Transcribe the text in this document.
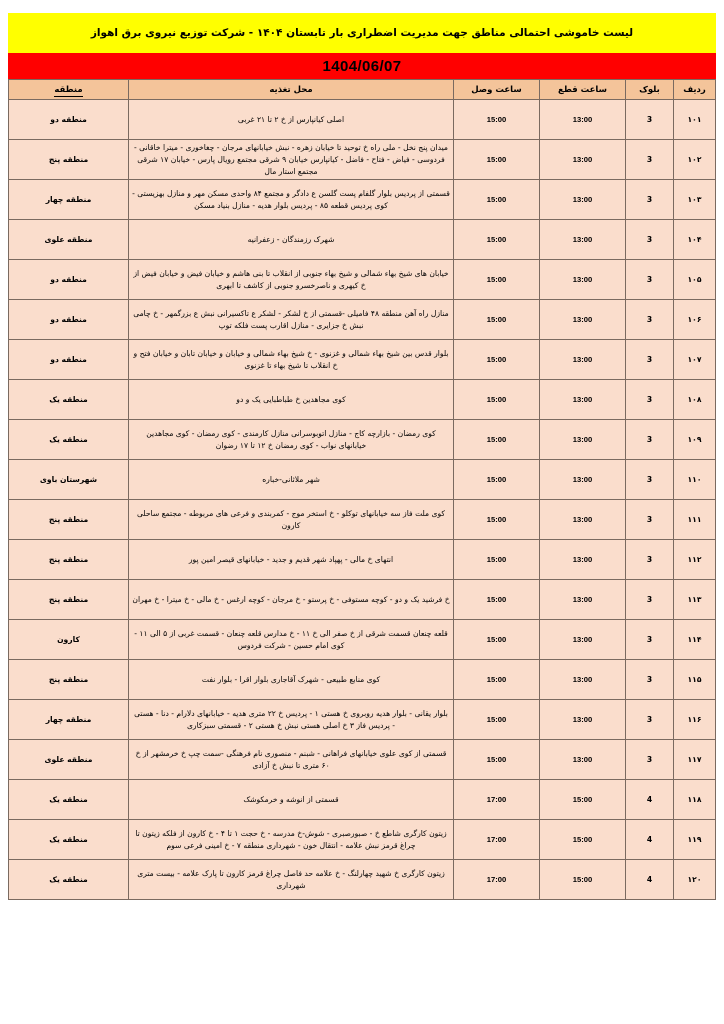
لیست خاموشی احتمالی مناطق جهت مدیریت اضطراری بار تابستان ۱۴۰۴ - شرکت توزیع نیروی برق اهواز
1404/06/07
ردیف	بلوک	ساعت قطع	ساعت وصل	محل تغذیه	منطقه
۱۰۱	3	13:00	15:00	اصلی کیانپارس از خ ۲ تا ۲۱ غربی	منطقه دو
۱۰۲	3	13:00	15:00	میدان پنج نخل - ملی راه خ توحید تا خیابان زهره - نبش خیابانهای مرجان - چغاخوری - میترا خاقانی - فردوسی - فیاض - فتاح - فاضل - کیانپارس خیابان ۹ شرقی مجتمع رویال پارس - خیابان ۱۷ شرقی مجتمع استار مال	منطقه پنج
۱۰۳	3	13:00	15:00	قسمتی از پردیس بلوار گلفام پست گلسن ع دادگر و مجتمع ۸۴ واحدی مسکن مهر و منازل بهزیستی - کوی پردیس قطعه ۸۵ - پردیس بلوار هدیه - منازل بنیاد مسکن	منطقه چهار
۱۰۴	3	13:00	15:00	شهرک رزمندگان - زعفرانیه	منطقه علوی
۱۰۵	3	13:00	15:00	خیابان های شیخ بهاء شمالی و شیخ بهاء جنوبی از انقلاب تا بنی هاشم و خیابان فیض و خیابان فیض از خ کیهری و ناصرخسرو جنوبی از کاشف تا ابهری	منطقه دو
۱۰۶	3	13:00	15:00	منازل راه آهن منطقه ۴۸ فامیلی -قسمتی از خ لشکر - لشکر ع تاکسیرانی نبش ع بزرگمهر - خ چامی نبش خ جزایری - منازل اقارب پست فلکه توپ	منطقه دو
۱۰۷	3	13:00	15:00	بلوار قدس بین شیخ بهاء شمالی و غزنوی - خ شیخ بهاء شمالی و خیابان و خیابان تابان و خیابان فتح و خ انقلاب تا شیخ بهاء تا غزنوی	منطقه دو
۱۰۸	3	13:00	15:00	کوی مجاهدین خ طباطبایی یک و دو	منطقه یک
۱۰۹	3	13:00	15:00	کوی رمضان - بازارچه کاج - منازل اتوبوسرانی منازل کارمندی - کوی رمضان - کوی مجاهدین خیابانهای نواب - کوی رمضان خ ۱۲ تا ۱۷ رضوان	منطقه یک
۱۱۰	3	13:00	15:00	شهر ملاثانی-خباره	شهرستان باوی
۱۱۱	3	13:00	15:00	کوی ملت فاز سه خیابانهای توکلو - خ استخر موج - کمربندی و فرعی های مربوطه - مجتمع ساحلی کارون	منطقه پنج
۱۱۲	3	13:00	15:00	انتهای خ مالی - پهپاد شهر قدیم و جدید - خیابانهای قیصر امین پور	منطقه پنج
۱۱۳	3	13:00	15:00	خ فرشید یک و دو - کوچه مستوفی - خ پرستو - خ مرجان - کوچه ارغس - خ مالی - خ میترا - خ مهران	منطقه پنج
۱۱۴	3	13:00	15:00	قلعه چنعان قسمت شرقی از خ صفر الی خ ۱۱ - خ مدارس قلعه چنعان - قسمت غربی از ۵ الی ۱۱ - کوی امام حسین - شرکت فردوس	کارون
۱۱۵	3	13:00	15:00	کوی منابع طبیعی - شهرک آقاجاری بلوار اقرا - بلوار نفت	منطقه پنج
۱۱۶	3	13:00	15:00	بلوار یقانی - بلوار هدیه روبروی خ هستی ۱ - پردیس خ ۲۲ متری هدیه - خیابانهای دلارام - دنا - هستی - پردیس فاز ۳ خ اصلی هستی نبش خ هستی ۲ - قسمتی سبزکاری	منطقه چهار
۱۱۷	3	13:00	15:00	قسمتی از کوی علوی خیابانهای فراهانی - شبنم - منصوری نام فرهنگی -سمت چپ خ خرمشهر از خ ۶۰ متری تا نبش خ آزادی	منطقه علوی
۱۱۸	4	15:00	17:00	قسمتی از انوشه و خرمکوشک	منطقه یک
۱۱۹	4	15:00	17:00	زیتون کارگری شاطع خ - صبورصبری - شوش-خ مدرسه - خ حجت ۱ تا ۴ - خ کارون از فلکه زیتون تا چراغ قرمز نبش علامه - انتقال خون - شهرداری منطقه ۷ - خ امینی فرعی سوم	منطقه یک
۱۲۰	4	15:00	17:00	زیتون کارگری خ شهید چهارلنگ - خ علامه حد فاصل چراغ قرمز کارون تا پارک علامه - بیست متری شهرداری	منطقه یک
